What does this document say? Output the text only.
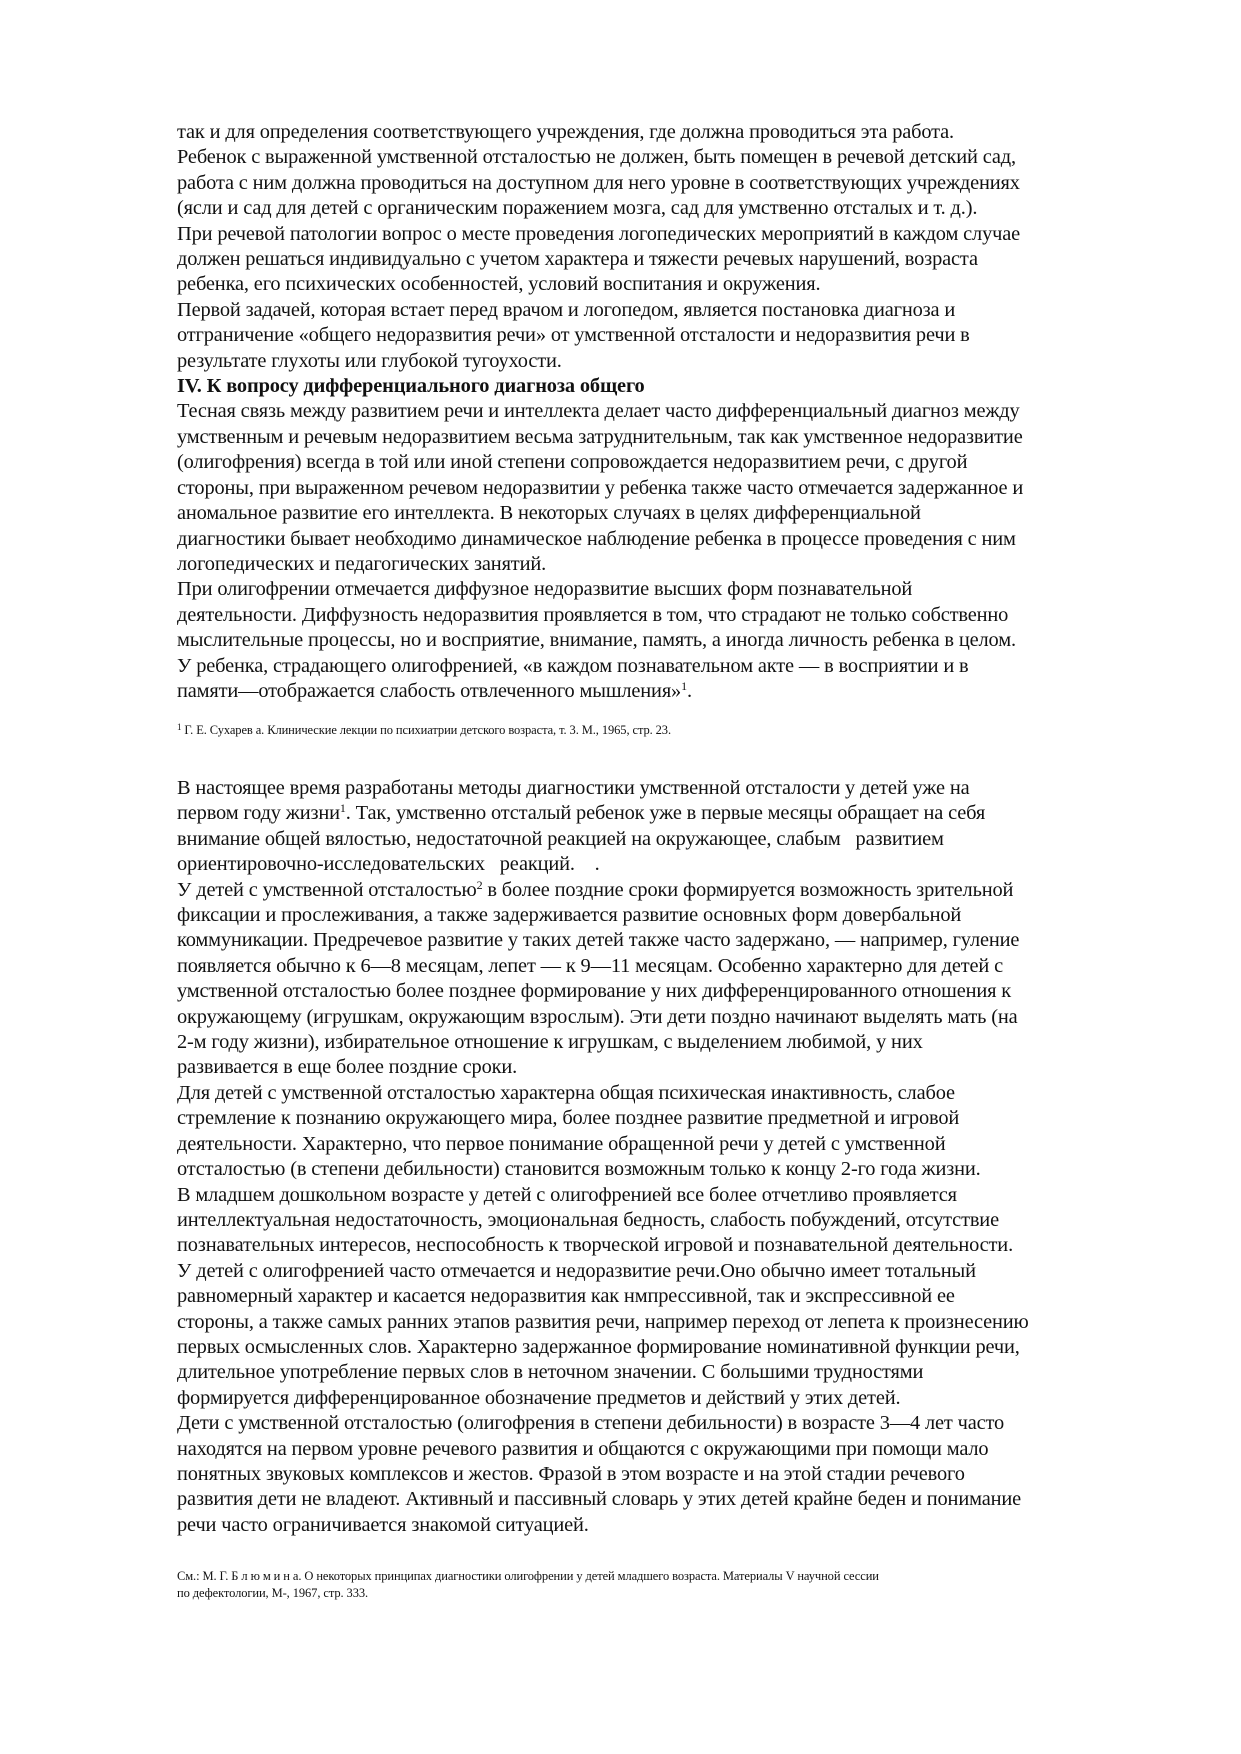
так и для определения соответствующего учреждения, где должна проводиться эта работа.
Ребенок с выраженной умственной отсталостью не должен, быть помещен в речевой детский сад,
работа с ним должна проводиться на доступном для него уровне в соответствующих учреждениях
(ясли и сад для детей с органическим поражением мозга, сад для умственно отсталых и т. д.).
При речевой патологии вопрос о месте проведения логопедических мероприятий в каждом случае
должен решаться индивидуально с учетом характера и тяжести речевых нарушений, возраста
ребенка, его психических особенностей, условий воспитания и окружения.
Первой задачей, которая встает перед врачом и логопедом, является постановка диагноза и
отграничение «общего недоразвития речи» от умственной отсталости и недоразвития речи в
результате глухоты или глубокой тугоухости.
IV. К вопросу дифференциального диагноза общего
Тесная связь между развитием речи и интеллекта делает часто дифференциальный диагноз между
умственным и речевым недоразвитием весьма затруднительным, так как умственное недоразвитие
(олигофрения) всегда в той или иной степени сопровождается недоразвитием речи, с другой
стороны, при выраженном речевом недоразвитии у ребенка также часто отмечается задержанное и
аномальное развитие его интеллекта. В некоторых случаях в целях дифференциальной
диагностики бывает необходимо динамическое наблюдение ребенка в процессе проведения с ним
логопедических и педагогических занятий.
При олигофрении отмечается диффузное недоразвитие высших форм познавательной
деятельности. Диффузность недоразвития проявляется в том, что страдают не только собственно
мыслительные процессы, но и восприятие, внимание, память, а иногда личность ребенка в целом.
У ребенка, страдающего олигофренией, «в каждом познавательном акте — в восприятии и в
памяти—отображается слабость отвлеченного мышления»$^1$.
$^1$ Г. Е. Сухарев а. Клинические лекции по психиатрии детского возраста, т. 3. М., 1965, стр. 23.
В настоящее время разработаны методы диагностики умственной отсталости у детей уже на
первом году жизни$^1$. Так, умственно отсталый ребенок уже в первые месяцы обращает на себя
внимание общей вялостью, недостаточной реакцией на окружающее, слабым   развитием
ориентировочно-исследовательских   реакций.    .
У детей с умственной отсталостью$^2$ в более поздние сроки формируется возможность зрительной
фиксации и прослеживания, а также задерживается развитие основных форм довербальной
коммуникации. Предречевое развитие у таких детей также часто задержано, — например, гуление
появляется обычно к 6—8 месяцам, лепет — к 9—11 месяцам. Особенно характерно для детей с
умственной отсталостью более позднее формирование у них дифференцированного отношения к
окружающему (игрушкам, окружающим взрослым). Эти дети поздно начинают выделять мать (на
2-м году жизни), избирательное отношение к игрушкам, с выделением любимой, у них
развивается в еще более поздние сроки.
Для детей с умственной отсталостью характерна общая психическая инактивность, слабое
стремление к познанию окружающего мира, более позднее развитие предметной и игровой
деятельности. Характерно, что первое понимание обращенной речи у детей с умственной
отсталостью (в степени дебильности) становится возможным только к концу 2-го года жизни.
В младшем дошкольном возрасте у детей с олигофренией все более отчетливо проявляется
интеллектуальная недостаточность, эмоциональная бедность, слабость побуждений, отсутствие
познавательных интересов, неспособность к творческой игровой и познавательной деятельности.
У детей с олигофренией часто отмечается и недоразвитие речи.Оно обычно имеет тотальный
равномерный характер и касается недоразвития как нмпрессивной, так и экспрессивной ее
стороны, а также самых ранних этапов развития речи, например переход от лепета к произнесению
первых осмысленных слов. Характерно задержанное формирование номинативной функции речи,
длительное употребление первых слов в неточном значении. С большими трудностями
формируется дифференцированное обозначение предметов и действий у этих детей.
Дети с умственной отсталостью (олигофрения в степени дебильности) в возрасте 3—4 лет часто
находятся на первом уровне речевого развития и общаются с окружающими при помощи мало
понятных звуковых комплексов и жестов. Фразой в этом возрасте и на этой стадии речевого
развития дети не владеют. Активный и пассивный словарь у этих детей крайне беден и понимание
речи часто ограничивается знакомой ситуацией.
См.: М. Г. Б л ю м и н а. О некоторых принципах диагностики олигофрении у детей младшего возраста. Материалы V научной сессии
по дефектологии, М-, 1967, стр. 333.
